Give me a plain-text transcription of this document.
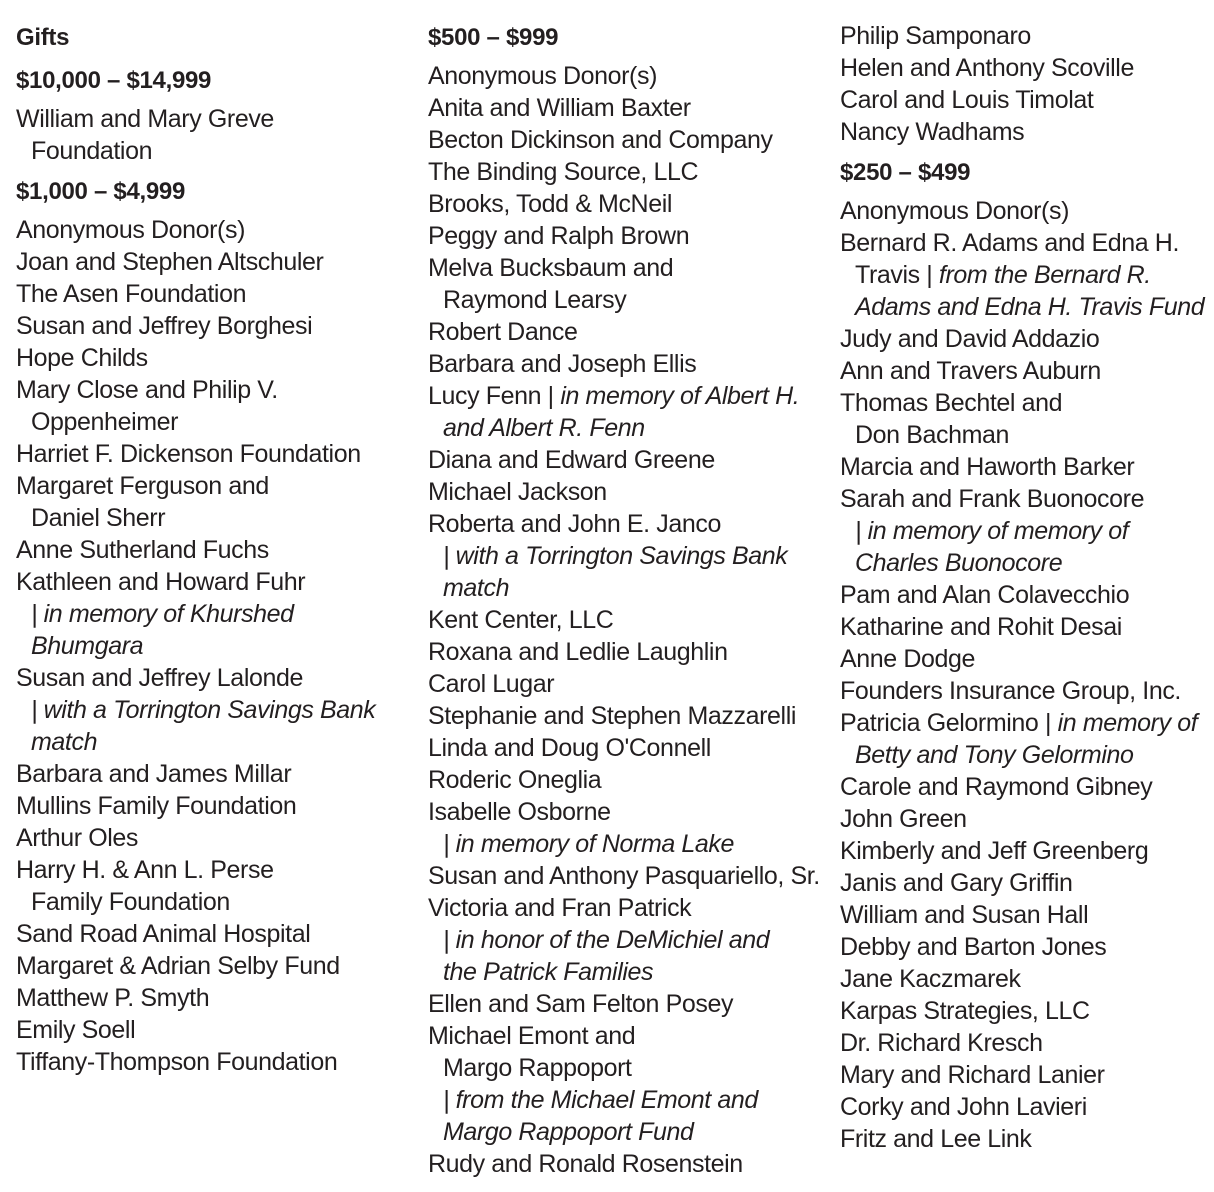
Gifts
$10,000 – $14,999
William and Mary Greve
Foundation
$1,000 – $4,999
Anonymous Donor(s)
Joan and Stephen Altschuler
The Asen Foundation
Susan and Jeffrey Borghesi
Hope Childs
Mary Close and Philip V.
Oppenheimer
Harriet F. Dickenson Foundation
Margaret Ferguson and
Daniel Sherr
Anne Sutherland Fuchs
Kathleen and Howard Fuhr
| in memory of Khurshed
Bhumgara
Susan and Jeffrey Lalonde
| with a Torrington Savings Bank
match
Barbara and James Millar
Mullins Family Foundation
Arthur Oles
Harry H. & Ann L. Perse
Family Foundation
Sand Road Animal Hospital
Margaret & Adrian Selby Fund
Matthew P. Smyth
Emily Soell
Tiffany-Thompson Foundation
$500 – $999
Anonymous Donor(s)
Anita and William Baxter
Becton Dickinson and Company
The Binding Source, LLC
Brooks, Todd & McNeil
Peggy and Ralph Brown
Melva Bucksbaum and
Raymond Learsy
Robert Dance
Barbara and Joseph Ellis
Lucy Fenn | in memory of Albert H.
and Albert R. Fenn
Diana and Edward Greene
Michael Jackson
Roberta and John E. Janco
| with a Torrington Savings Bank
match
Kent Center, LLC
Roxana and Ledlie Laughlin
Carol Lugar
Stephanie and Stephen Mazzarelli
Linda and Doug O'Connell
Roderic Oneglia
Isabelle Osborne
| in memory of Norma Lake
Susan and Anthony Pasquariello, Sr.
Victoria and Fran Patrick
| in honor of the DeMichiel and
the Patrick Families
Ellen and Sam Felton Posey
Michael Emont and
Margo Rappoport
| from the Michael Emont and
Margo Rappoport Fund
Rudy and Ronald Rosenstein
Philip Samponaro
Helen and Anthony Scoville
Carol and Louis Timolat
Nancy Wadhams
$250 – $499
Anonymous Donor(s)
Bernard R. Adams and Edna H.
Travis | from the Bernard R.
Adams and Edna H. Travis Fund
Judy and David Addazio
Ann and Travers Auburn
Thomas Bechtel and
Don Bachman
Marcia and Haworth Barker
Sarah and Frank Buonocore
| in memory of memory of
Charles Buonocore
Pam and Alan Colavecchio
Katharine and Rohit Desai
Anne Dodge
Founders Insurance Group, Inc.
Patricia Gelormino | in memory of
Betty and Tony Gelormino
Carole and Raymond Gibney
John Green
Kimberly and Jeff Greenberg
Janis and Gary Griffin
William and Susan Hall
Debby and Barton Jones
Jane Kaczmarek
Karpas Strategies, LLC
Dr. Richard Kresch
Mary and Richard Lanier
Corky and John Lavieri
Fritz and Lee Link
